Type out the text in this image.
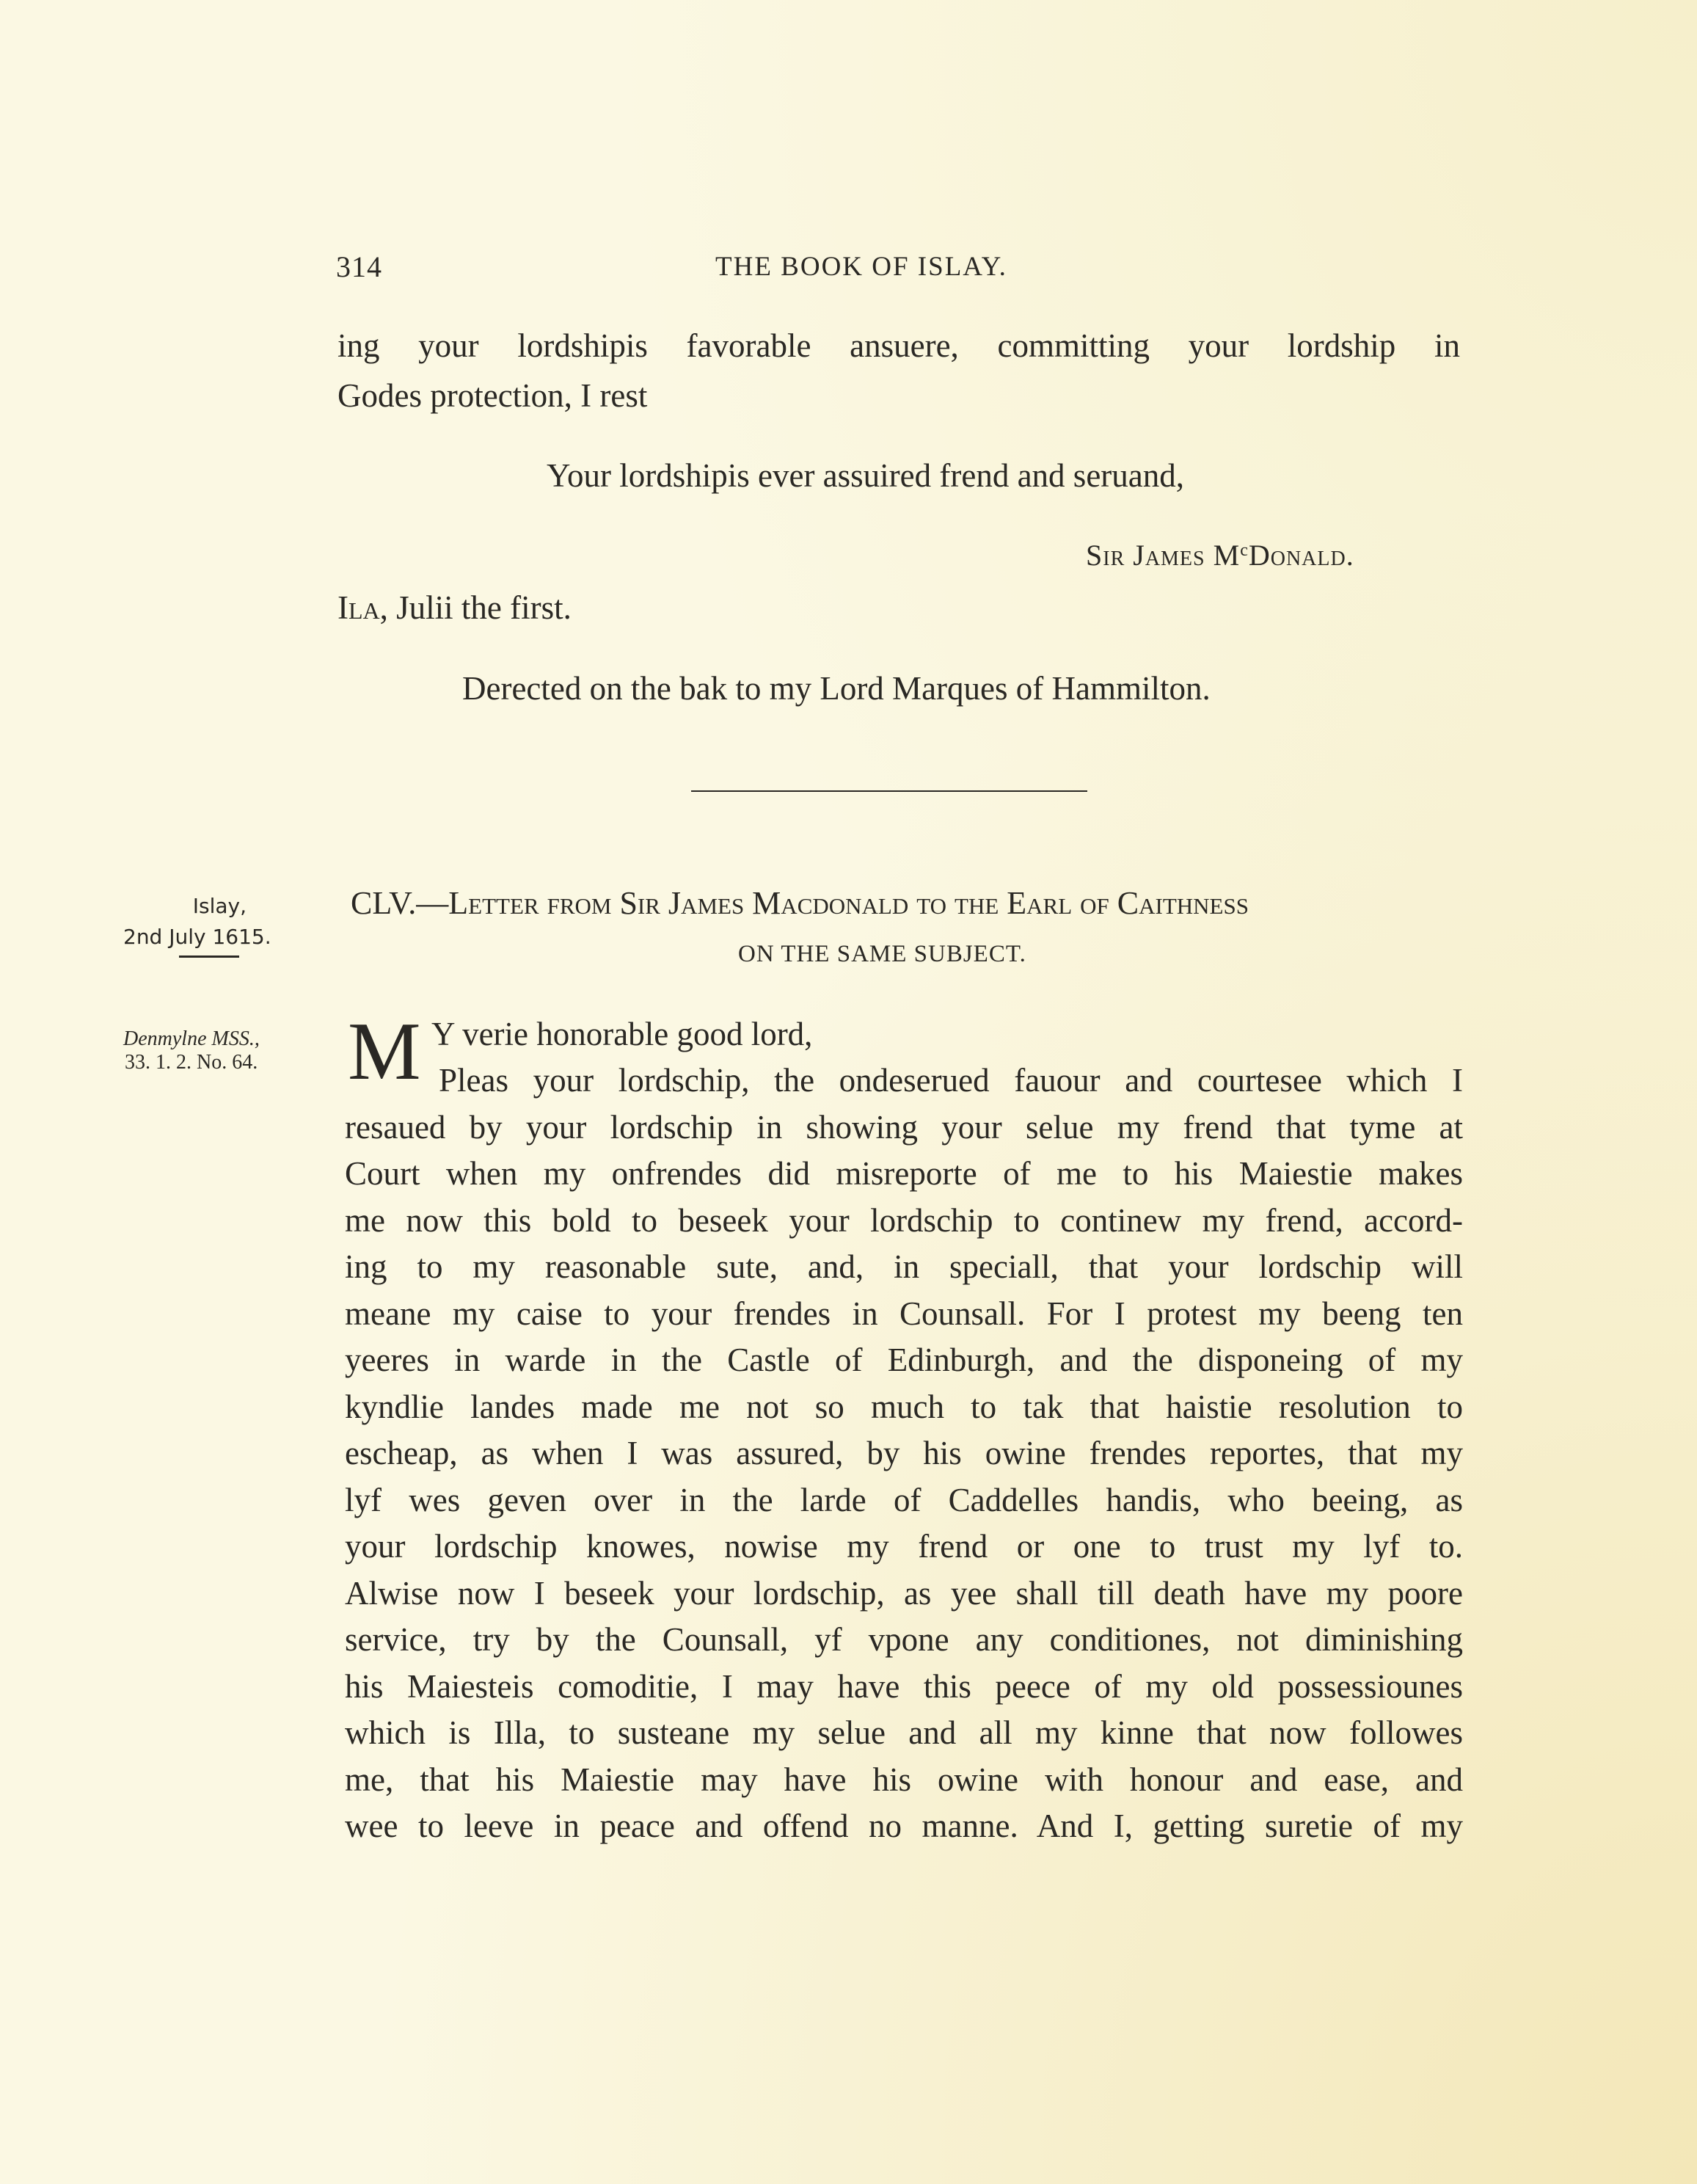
314	THE BOOK OF ISLAY.

ing your lordshipis favorable ansuere, committing your lordship in

Godes protection, I rest

Your lordshipis ever assuired frend and seruand,

Sir James $M^cDonald$.

Ila, Julii the first.

Derected on the bak to my Lord Marques of Hammilton.

Islay,
2nd July 1615.
Denmylne MSS.,
33. 1. 2. No. 64.

CLV.—Letter from Sir James Macdonald to the Earl of Caithness

ON THE SAME SUBJECT.

M Y verie honorable good lord,

Pleas your lordschip, the ondeserued fauour and courtesee which I

resaued by your lordschip in showing your selue my frend that tyme at

Court when my onfrendes did misreporte of me to his Maiestie makes

me now this bold to beseek your lordschip to continew my frend, accord-

ing to my reasonable sute, and, in speciall, that your lordschip will

meane my caise to your frendes in Counsall. For I protest my beeng ten

yeeres in warde in the Castle of Edinburgh, and the disponeing of my

kyndlie landes made me not so much to tak that haistie resolution to

escheap, as when I was assured, by his owine frendes reportes, that my

lyf wes geven over in the larde of Caddelles handis, who beeing, as

your lordschip knowes, nowise my frend or one to trust my lyf to.

Alwise now I beseek your lordschip, as yee shall till death have my poore

service, try by the Counsall, yf vpone any conditiones, not diminishing

his Maiesteis comoditie, I may have this peece of my old possessiounes

which is Illa, to susteane my selue and all my kinne that now followes

me, that his Maiestie may have his owine with honour and ease, and

wee to leeve in peace and offend no manne. And I, getting suretie of my
